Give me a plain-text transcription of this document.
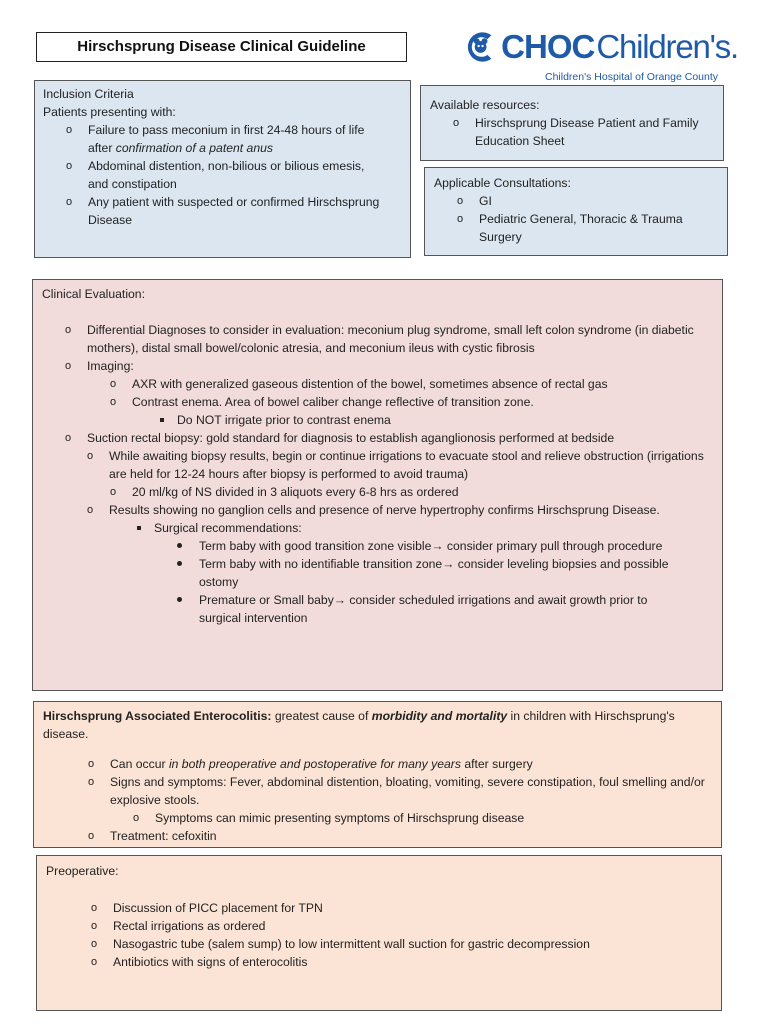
Hirschsprung Disease Clinical Guideline	CHOC Children's.
Children's Hospital of Orange County

Inclusion Criteria

Patients presenting with:

o Failure to pass meconium in first 24-48 hours of life after confirmation of a patent anus
o Abdominal distention, non-bilious or bilious emesis, and constipation
o Any patient with suspected or confirmed Hirschsprung Disease

Available resources:

o Hirschsprung Disease Patient and Family Education Sheet

Applicable Consultations:

o GI
o Pediatric General, Thoracic & Trauma Surgery

Clinical Evaluation:

o Differential Diagnoses to consider in evaluation: meconium plug syndrome, small left colon syndrome (in diabetic mothers), distal small bowel/colonic atresia, and meconium ileus with cystic fibrosis
o Imaging:
o AXR with generalized gaseous distention of the bowel, sometimes absence of rectal gas
o Contrast enema. Area of bowel caliber change reflective of transition zone.
Do NOT irrigate prior to contrast enema
o Suction rectal biopsy: gold standard for diagnosis to establish aganglionosis performed at bedside
o While awaiting biopsy results, begin or continue irrigations to evacuate stool and relieve obstruction (irrigations are held for 12-24 hours after biopsy is performed to avoid trauma)
o 20 ml/kg of NS divided in 3 aliquots every 6-8 hrs as ordered
o Results showing no ganglion cells and presence of nerve hypertrophy confirms Hirschsprung Disease.
Surgical recommendations:
Term baby with good transition zone visible→ consider primary pull through procedure
Term baby with no identifiable transition zone→ consider leveling biopsies and possible ostomy
Premature or Small baby→ consider scheduled irrigations and await growth prior to surgical intervention

Hirschsprung Associated Enterocolitis: greatest cause of morbidity and mortality in children with Hirschsprung's disease.

o Can occur in both preoperative and postoperative for many years after surgery
o Signs and symptoms: Fever, abdominal distention, bloating, vomiting, severe constipation, foul smelling and/or explosive stools.
o Symptoms can mimic presenting symptoms of Hirschsprung disease
o Treatment: cefoxitin

Preoperative:

o Discussion of PICC placement for TPN
o Rectal irrigations as ordered
o Nasogastric tube (salem sump) to low intermittent wall suction for gastric decompression
o Antibiotics with signs of enterocolitis
